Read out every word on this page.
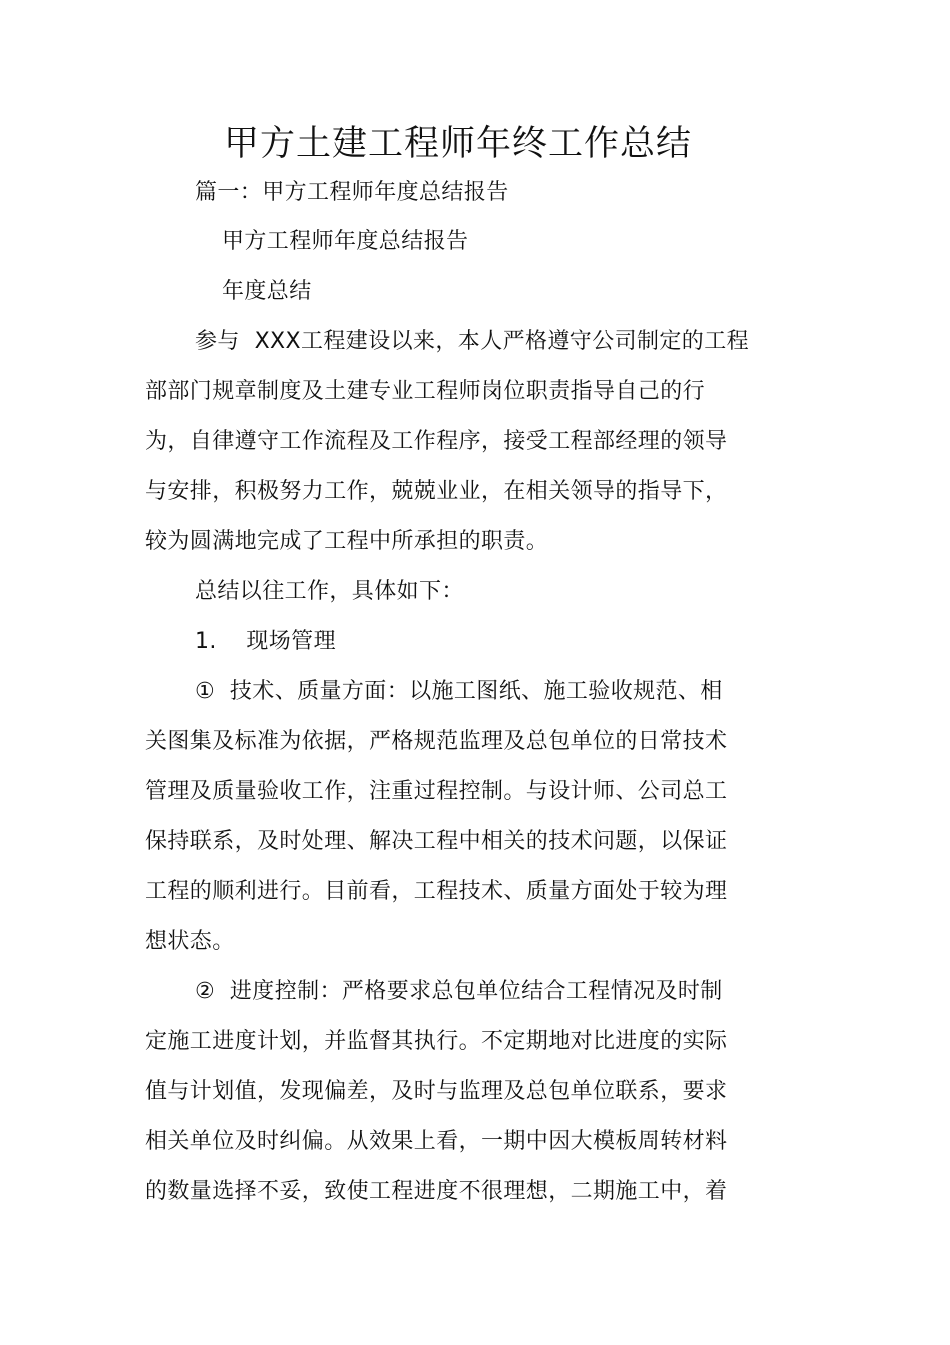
甲方土建工程师年终工作总结
篇一：甲方工程师年度总结报告
甲方工程师年度总结报告
年度总结
参与  XXX工程建设以来，本人严格遵守公司制定的工程
部部门规章制度及土建专业工程师岗位职责指导自己的行
为，自律遵守工作流程及工作程序，接受工程部经理的领导
与安排，积极努力工作，兢兢业业，在相关领导的指导下，
较为圆满地完成了工程中所承担的职责。
总结以往工作，具体如下：
1.    现场管理
①  技术、质量方面：以施工图纸、施工验收规范、相
关图集及标准为依据，严格规范监理及总包单位的日常技术
管理及质量验收工作，注重过程控制。与设计师、公司总工
保持联系，及时处理、解决工程中相关的技术问题，以保证
工程的顺利进行。目前看，工程技术、质量方面处于较为理
想状态。
②  进度控制：严格要求总包单位结合工程情况及时制
定施工进度计划，并监督其执行。不定期地对比进度的实际
值与计划值，发现偏差，及时与监理及总包单位联系，要求
相关单位及时纠偏。从效果上看，一期中因大模板周转材料
的数量选择不妥，致使工程进度不很理想，二期施工中，着
